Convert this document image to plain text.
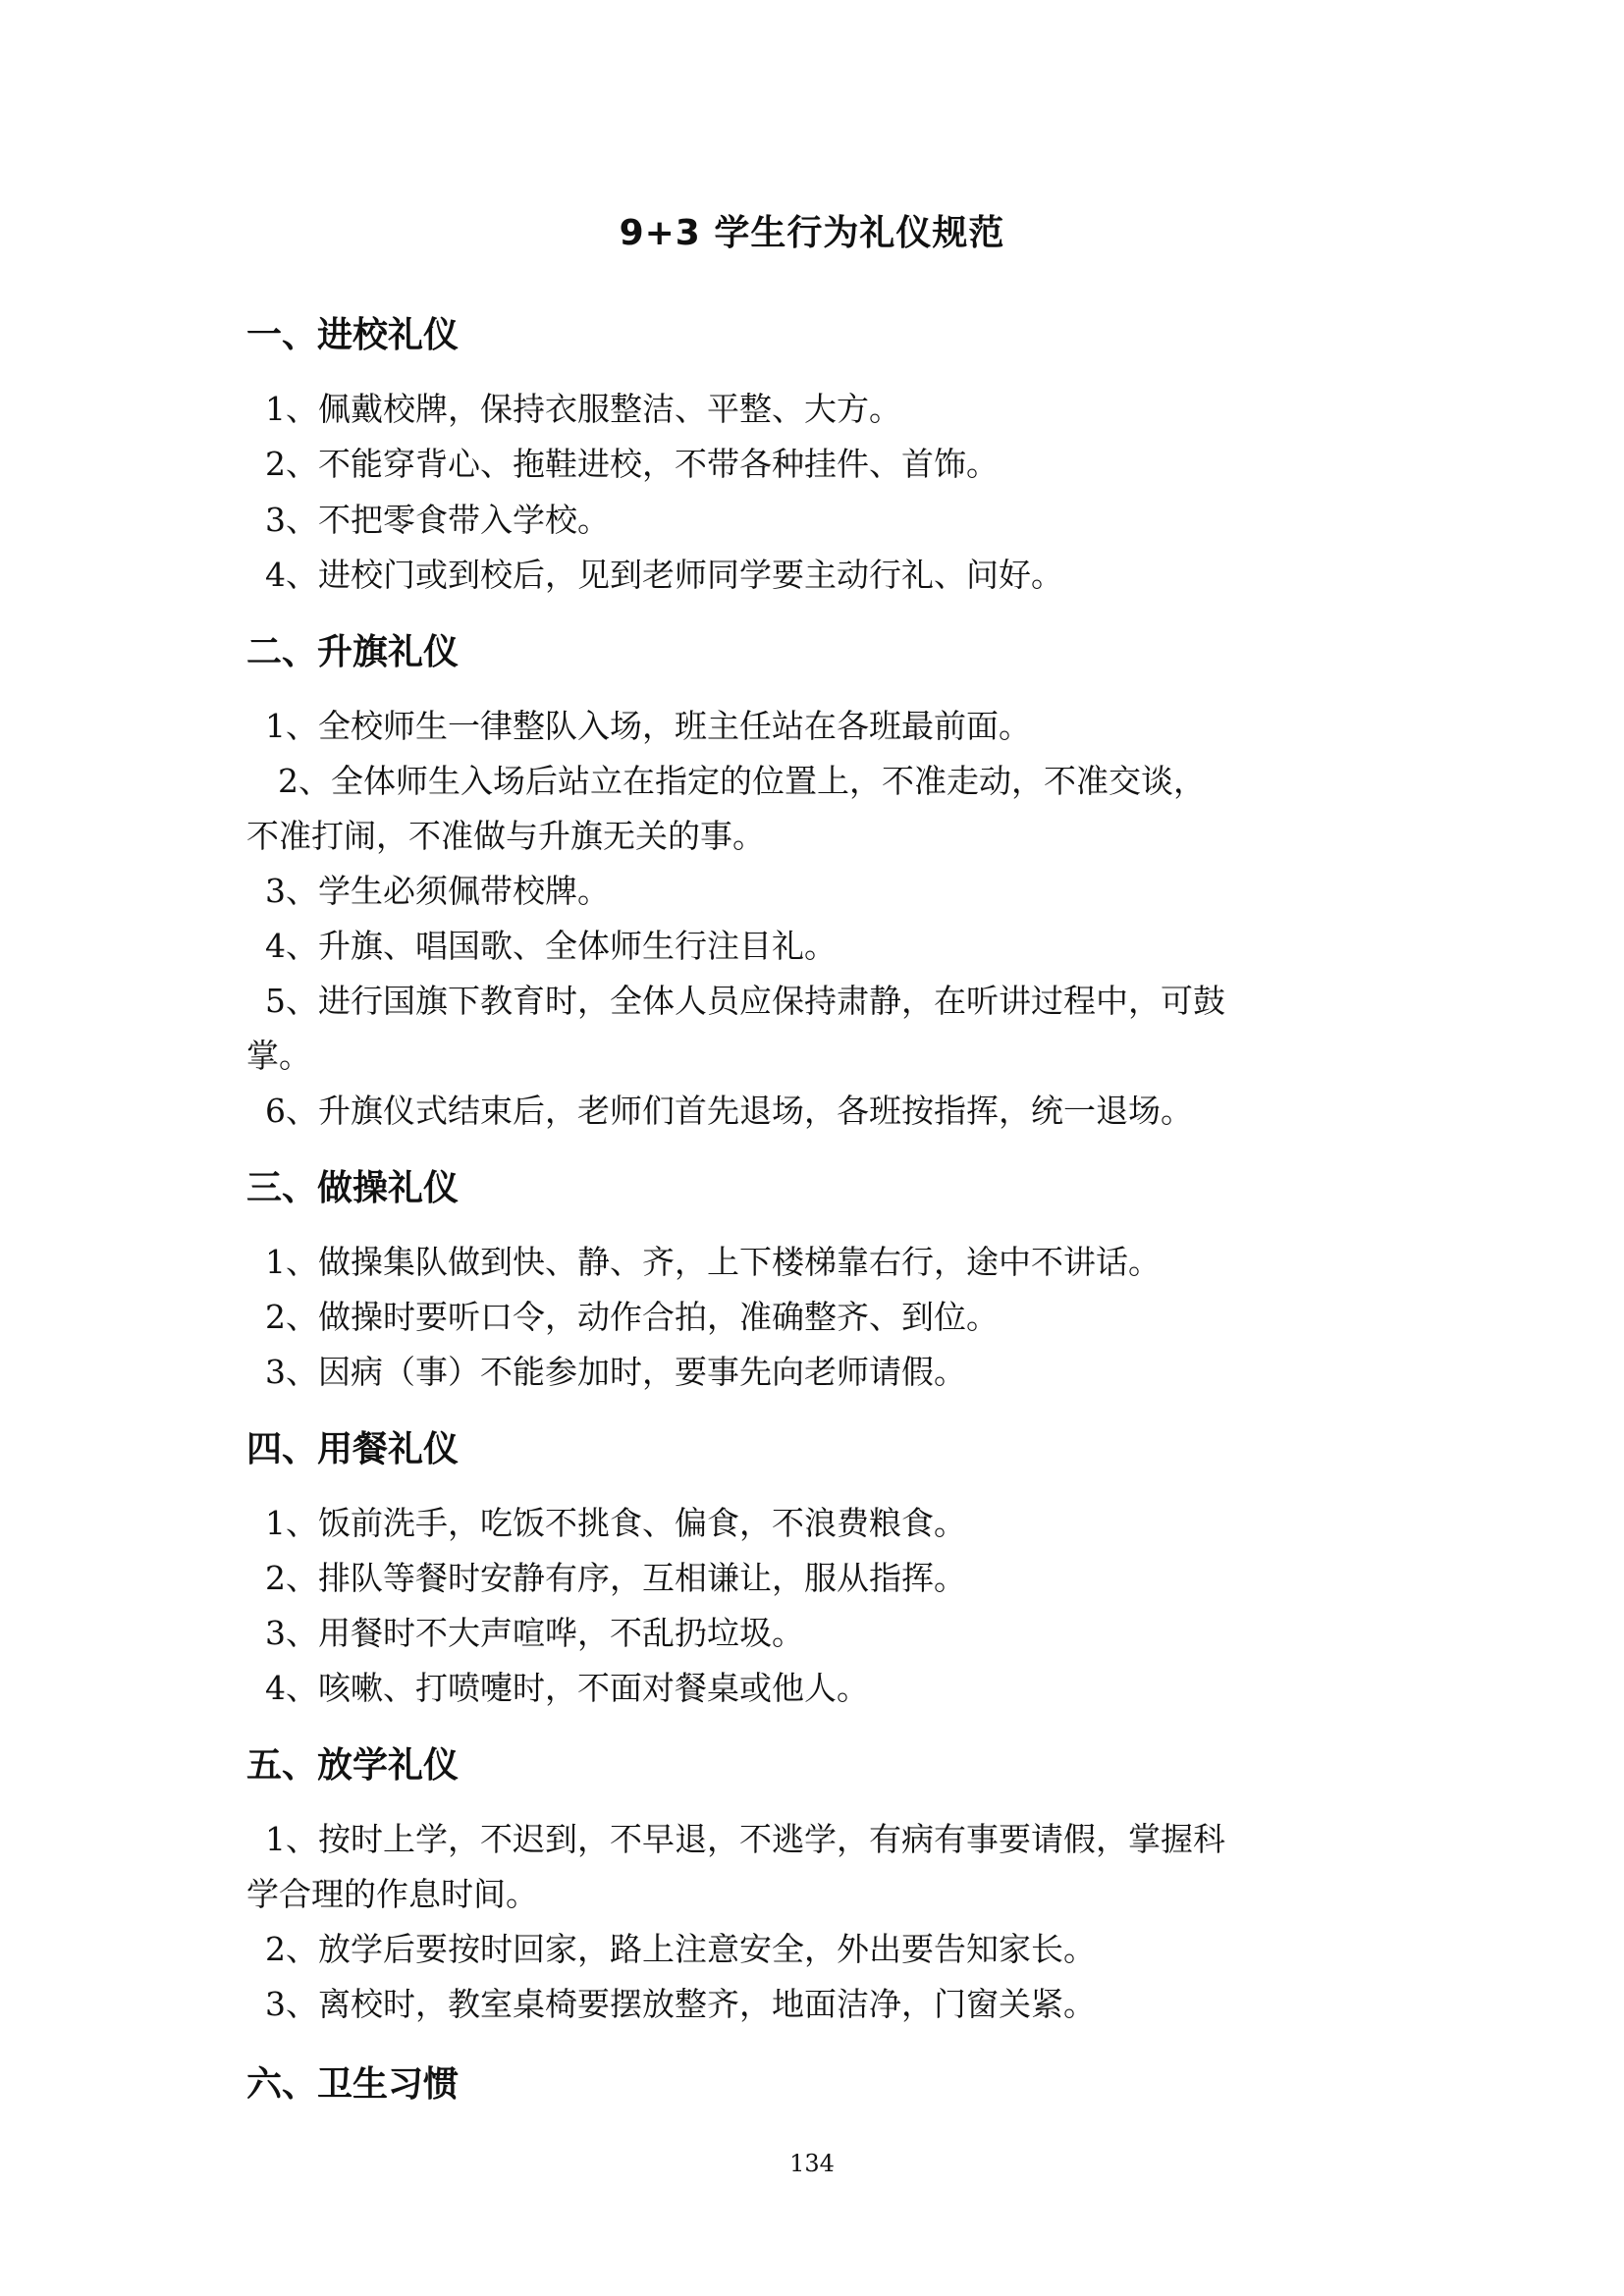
9+3 学生行为礼仪规范
一、进校礼仪
1、佩戴校牌，保持衣服整洁、平整、大方。
2、不能穿背心、拖鞋进校，不带各种挂件、首饰。
3、不把零食带入学校。
4、进校门或到校后，见到老师同学要主动行礼、问好。
二、升旗礼仪
1、全校师生一律整队入场，班主任站在各班最前面。
2、全体师生入场后站立在指定的位置上，不准走动，不准交谈，
不准打闹，不准做与升旗无关的事。
3、学生必须佩带校牌。
4、升旗、唱国歌、全体师生行注目礼。
5、进行国旗下教育时，全体人员应保持肃静，在听讲过程中，可鼓
掌。
6、升旗仪式结束后，老师们首先退场，各班按指挥，统一退场。
三、做操礼仪
1、做操集队做到快、静、齐，上下楼梯靠右行，途中不讲话。
2、做操时要听口令，动作合拍，准确整齐、到位。
3、因病（事）不能参加时，要事先向老师请假。
四、用餐礼仪
1、饭前洗手，吃饭不挑食、偏食，不浪费粮食。
2、排队等餐时安静有序，互相谦让，服从指挥。
3、用餐时不大声喧哗，不乱扔垃圾。
4、咳嗽、打喷嚏时，不面对餐桌或他人。
五、放学礼仪
1、按时上学，不迟到，不早退，不逃学，有病有事要请假，掌握科
学合理的作息时间。
2、放学后要按时回家，路上注意安全，外出要告知家长。
3、离校时，教室桌椅要摆放整齐，地面洁净，门窗关紧。
六、卫生习惯
134
